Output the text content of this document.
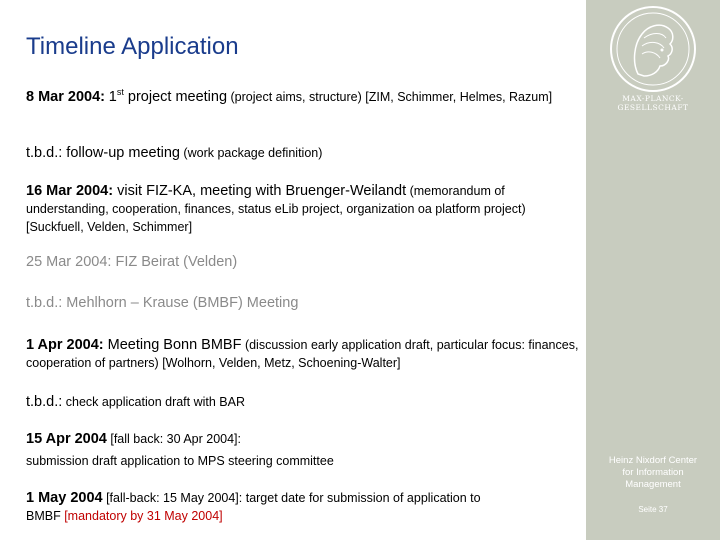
Timeline Application
8 Mar 2004: 1st project meeting (project aims, structure) [ZIM, Schimmer, Helmes, Razum]
t.b.d.: follow-up meeting (work package definition)
16 Mar 2004: visit FIZ-KA, meeting with Bruenger-Weilandt (memorandum of understanding, cooperation, finances, status eLib project, organization oa platform project) [Suckfuell, Velden, Schimmer]
25 Mar 2004: FIZ Beirat (Velden)
t.b.d.: Mehlhorn – Krause (BMBF) Meeting
1 Apr 2004: Meeting Bonn BMBF (discussion early application draft, particular focus: finances, cooperation of partners) [Wolhorn, Velden, Metz, Schoening-Walter]
t.b.d.: check application draft with BAR
15 Apr 2004 [fall back: 30 Apr 2004]:
submission draft application to MPS steering committee
1 May 2004 [fall-back: 15 May 2004]: target date for submission of application to
BMBF [mandatory by 31 May 2004]
MAX-PLANCK-GESELLSCHAFT
Heinz Nixdorf Center
for Information
Management
Seite 37
